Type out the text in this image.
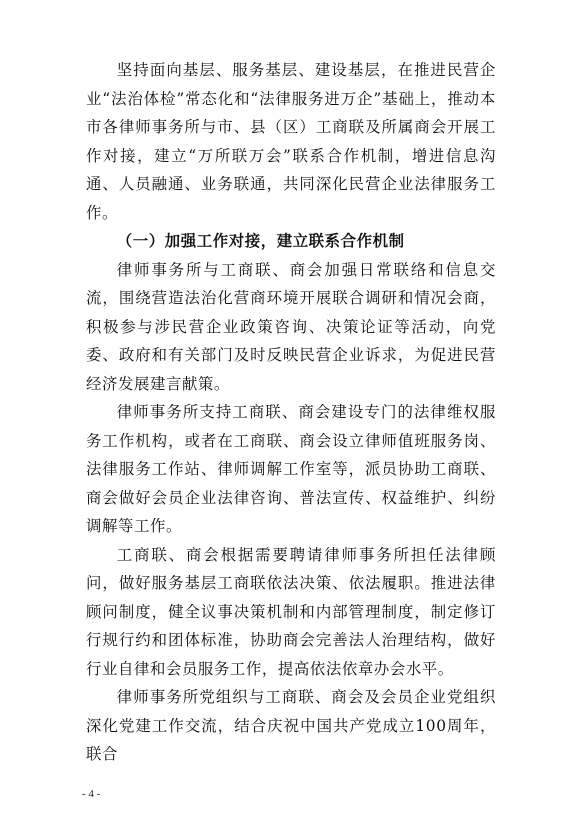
坚持面向基层、服务基层、建设基层，在推进民营企业“法治体检”常态化和“法律服务进万企”基础上，推动本市各律师事务所与市、县（区）工商联及所属商会开展工作对接，建立“万所联万会”联系合作机制，增进信息沟通、人员融通、业务联通，共同深化民营企业法律服务工作。

（一）加强工作对接，建立联系合作机制

律师事务所与工商联、商会加强日常联络和信息交流，围绕营造法治化营商环境开展联合调研和情况会商，积极参与涉民营企业政策咨询、决策论证等活动，向党委、政府和有关部门及时反映民营企业诉求，为促进民营经济发展建言献策。

律师事务所支持工商联、商会建设专门的法律维权服务工作机构，或者在工商联、商会设立律师值班服务岗、法律服务工作站、律师调解工作室等，派员协助工商联、商会做好会员企业法律咨询、普法宣传、权益维护、纠纷调解等工作。

工商联、商会根据需要聘请律师事务所担任法律顾问，做好服务基层工商联依法决策、依法履职。推进法律顾问制度，健全议事决策机制和内部管理制度，制定修订行规行约和团体标准，协助商会完善法人治理结构，做好行业自律和会员服务工作，提高依法依章办会水平。

律师事务所党组织与工商联、商会及会员企业党组织深化党建工作交流，结合庆祝中国共产党成立100周年，联合

- 4 -
